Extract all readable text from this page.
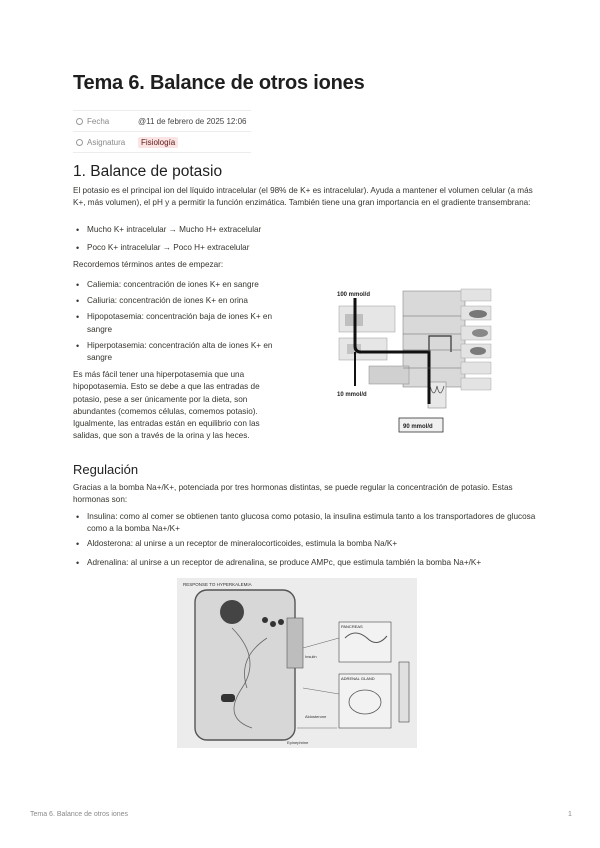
Tema 6. Balance de otros iones
Fecha	@11 de febrero de 2025 12:06
Asignatura	Fisiología
1. Balance de potasio

El potasio es el principal ion del líquido intracelular (el 98% de K+ es intracelular). Ayuda a mantener el volumen celular (a más K+, más volumen), el pH y a permitir la función enzimática. También tiene una gran importancia en el gradiente transembrana:

• Mucho K+ intracelular → Mucho H+ extracelular
• Poco K+ intracelular → Poco H+ extracelular

Recordemos términos antes de empezar:

• Caliemia: concentración de iones K+ en sangre
• Caliuria: concentración de iones K+ en orina
• Hipopotasemia: concentración baja de iones K+ en sangre
• Hiperpotasemia: concentración alta de iones K+ en sangre

Es más fácil tener una hiperpotasemia que una hipopotasemia. Esto se debe a que las entradas de potasio, pese a ser únicamente por la dieta, son abundantes (comemos células, comemos potasio). Igualmente, las entradas están en equilibrio con las salidas, que son a través de la orina y las heces.

100 mmol/d
10 mmol/d
90 mmol/d
Regulación

Gracias a la bomba Na+/K+, potenciada por tres hormonas distintas, se puede regular la concentración de potasio. Estas hormonas son:

• Insulina: como al comer se obtienen tanto glucosa como potasio, la insulina estimula tanto a los transportadores de glucosa como a la bomba Na+/K+
• Aldosterona: al unirse a un receptor de mineralocorticoides, estimula la bomba Na/K+
• Adrenalina: al unirse a un receptor de adrenalina, se produce AMPc, que estimula también la bomba Na+/K+
RESPONSE TO HYPERKALEMIA
PANCREAS
ADRENAL GLAND
Insulin
Aldosterone
Epinephrine
Tema 6. Balance de otros iones	1
